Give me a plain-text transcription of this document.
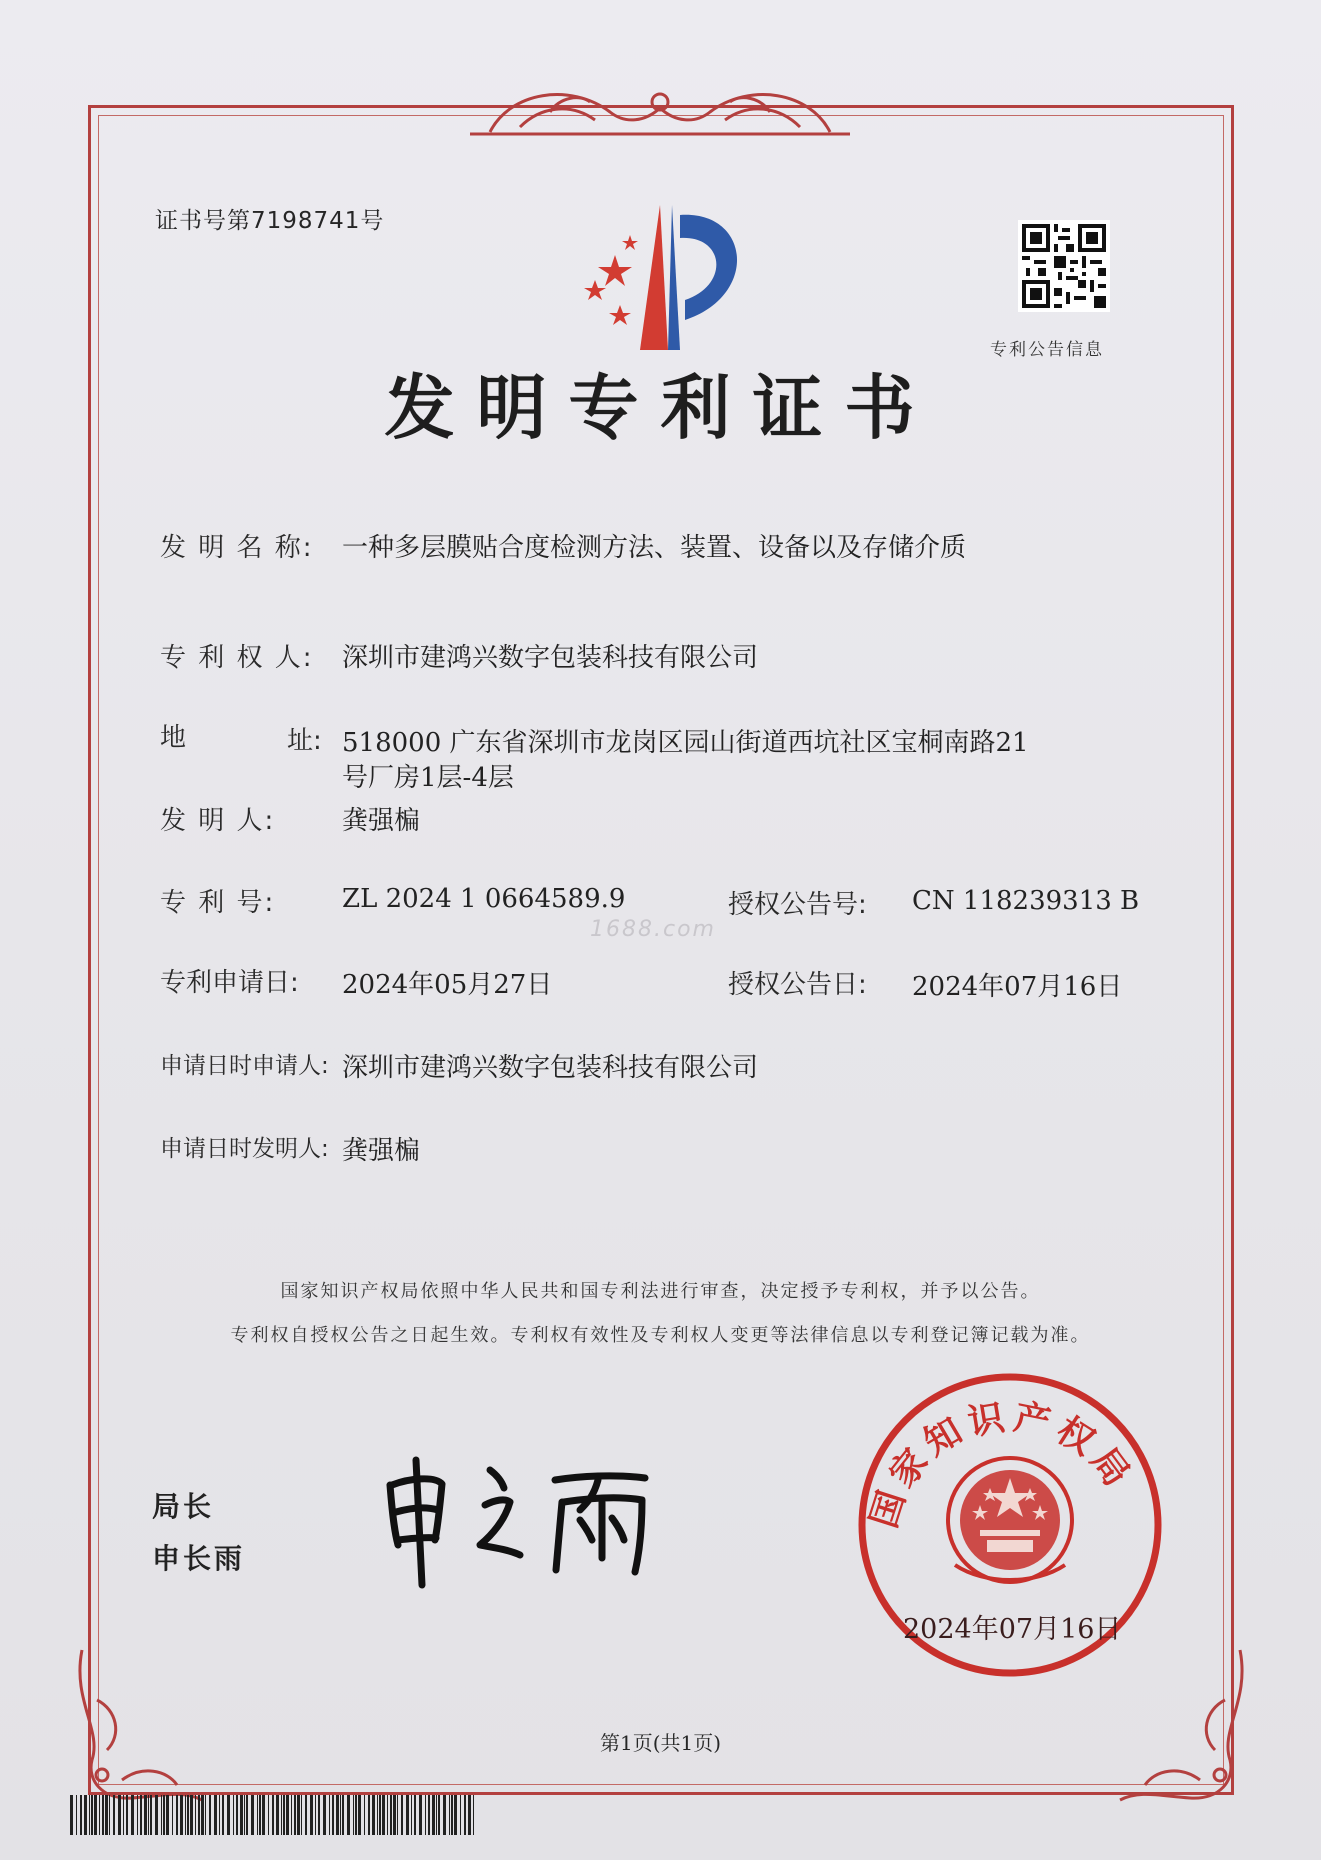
证书号第7198741号
专利公告信息
发明专利证书
发 明 名 称: 一种多层膜贴合度检测方法、装置、设备以及存储介质
专 利 权 人: 深圳市建鸿兴数字包装科技有限公司
地	址: 518000 广东省深圳市龙岗区园山街道西坑社区宝桐南路21
号厂房1层-4层
发 明 人:	龚强楄
专 利 号:	ZL 2024 1 0664589.9	授权公告号: CN 118239313 B
1688.com
专利申请日: 2024年05月27日	授权公告日: 2024年07月16日
申请日时申请人: 深圳市建鸿兴数字包装科技有限公司
申请日时发明人: 龚强楄
国家知识产权局依照中华人民共和国专利法进行审查，决定授予专利权，并予以公告。
专利权自授权公告之日起生效。专利权有效性及专利权人变更等法律信息以专利登记簿记载为准。
局长
申长雨
国家知识产权局
2024年07月16日
第1页(共1页)
